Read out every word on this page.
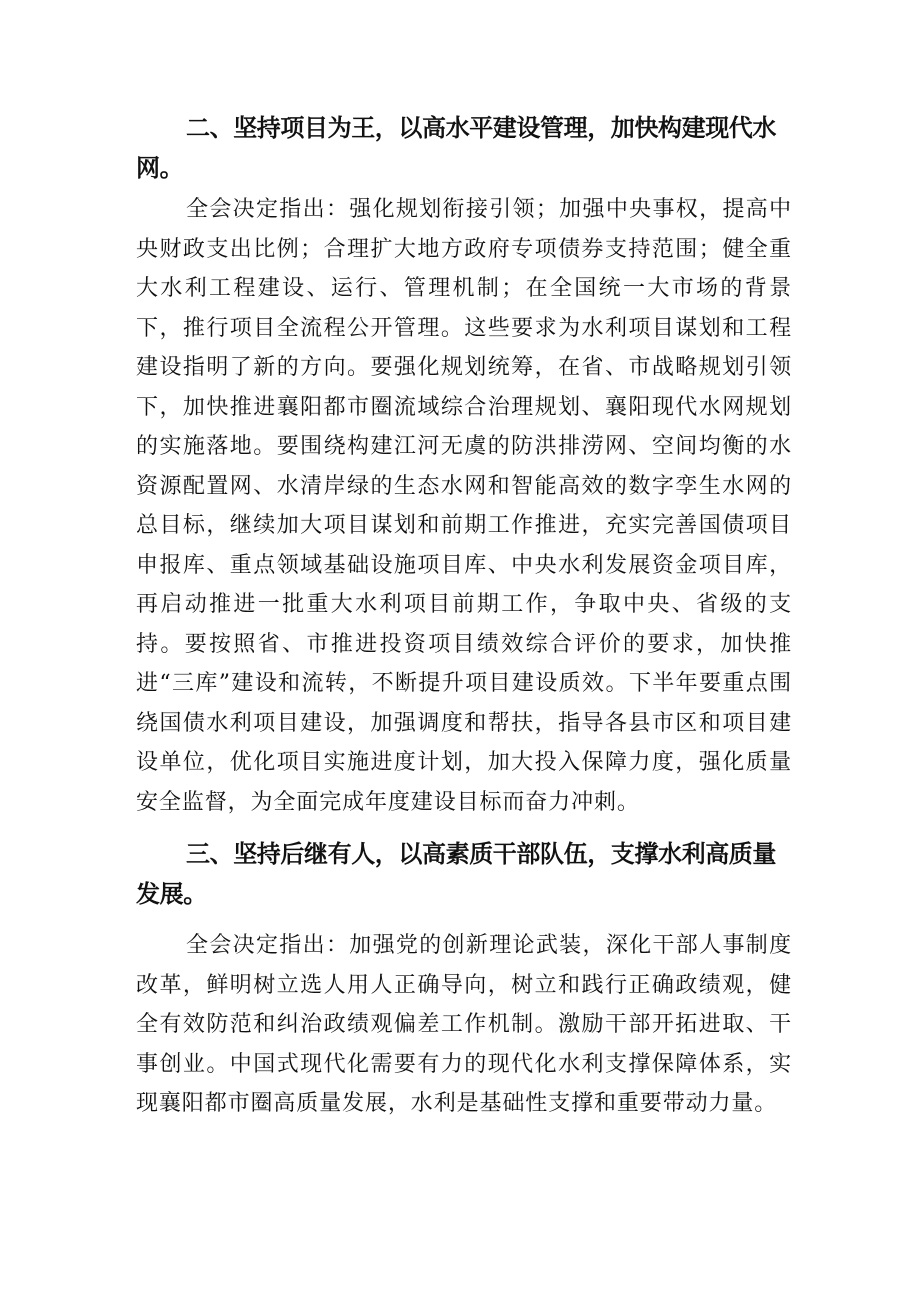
二、坚持项目为王，以高水平建设管理，加快构建现代水网。

全会决定指出：强化规划衔接引领；加强中央事权，提高中央财政支出比例；合理扩大地方政府专项债券支持范围；健全重大水利工程建设、运行、管理机制；在全国统一大市场的背景下，推行项目全流程公开管理。这些要求为水利项目谋划和工程建设指明了新的方向。要强化规划统筹，在省、市战略规划引领下，加快推进襄阳都市圈流域综合治理规划、襄阳现代水网规划的实施落地。要围绕构建江河无虞的防洪排涝网、空间均衡的水资源配置网、水清岸绿的生态水网和智能高效的数字孪生水网的总目标，继续加大项目谋划和前期工作推进，充实完善国债项目申报库、重点领域基础设施项目库、中央水利发展资金项目库，再启动推进一批重大水利项目前期工作，争取中央、省级的支持。要按照省、市推进投资项目绩效综合评价的要求，加快推进“三库”建设和流转，不断提升项目建设质效。下半年要重点围绕国债水利项目建设，加强调度和帮扶，指导各县市区和项目建设单位，优化项目实施进度计划，加大投入保障力度，强化质量安全监督，为全面完成年度建设目标而奋力冲刺。

三、坚持后继有人，以高素质干部队伍，支撑水利高质量发展。

全会决定指出：加强党的创新理论武装，深化干部人事制度改革，鲜明树立选人用人正确导向，树立和践行正确政绩观，健全有效防范和纠治政绩观偏差工作机制。激励干部开拓进取、干事创业。中国式现代化需要有力的现代化水利支撑保障体系，实现襄阳都市圈高质量发展，水利是基础性支撑和重要带动力量。
